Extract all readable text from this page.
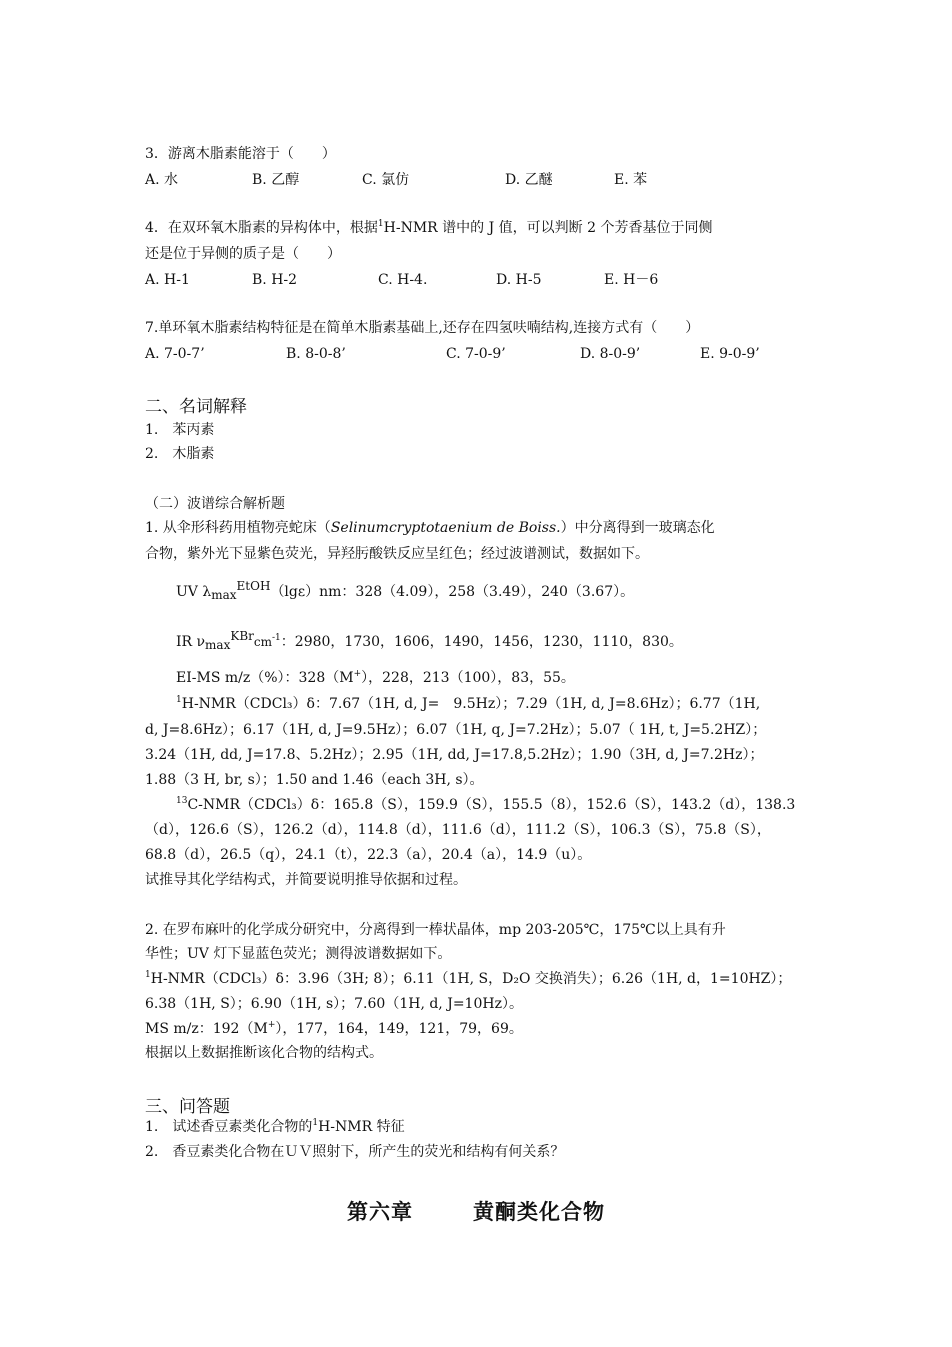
3．游离木脂素能溶于（　　）
A. 水	B. 乙醇	C. 氯仿	D. 乙醚	E. 苯
4．在双环氧木脂素的异构体中，根据$^1$H-NMR 谱中的 J 值，可以判断 2 个芳香基位于同侧
还是位于异侧的质子是（　　）
A. H-1	B. H-2	C. H-4.	D. H-5	E. H－6
7.单环氧木脂素结构特征是在简单木脂素基础上,还存在四氢呋喃结构,连接方式有（　　）
A. 7-0-7’	B. 8-0-8’	C. 7-0-9’	D. 8-0-9’	E. 9-0-9’
二、名词解释
1.　苯丙素
2.　木脂素
（二）波谱综合解析题
1. 从伞形科药用植物亮蛇床（Selinumcryptotaenium de Boiss.）中分离得到一玻璃态化
合物，紫外光下显紫色荧光，异羟肟酸铁反应呈红色；经过波谱测试，数据如下。
UV $\lambda_{max}^{EtOH}(\lg\varepsilon)nm$：328（4.09），258（3.49），240（3.67）。
IR $\nu_{max}^{KBr}cm^{-1}$：2980，1730，1606，1490，1456，1230，1110，830。
EI-MS m/z（%）：328（M+），228，213（100），83，55。
$^1$H-NMR（CDCl₃）δ：7.67（1H, d, J=　9.5Hz）；7.29（1H, d, J=8.6Hz）；6.77（1H,
d, J=8.6Hz）；6.17（1H, d, J=9.5Hz）；6.07（1H, q, J=7.2Hz）；5.07（ 1H, t, J=5.2HZ）；
3.24（1H, dd, J=17.8、5.2Hz）；2.95（1H, dd, J=17.8,5.2Hz）；1.90（3H, d, J=7.2Hz）；
1.88（3 H, br, s）；1.50 and 1.46（each 3H, s）。
$^{13}$C-NMR（CDCl₃）δ：165.8（S），159.9（S），155.5（8），152.6（S），143.2（d），138.3
（d），126.6（S），126.2（d），114.8（d），111.6（d），111.2（S），106.3（S），75.8（S），
68.8（d），26.5（q），24.1（t），22.3（a），20.4（a），14.9（u）。
试推导其化学结构式，并简要说明推导依据和过程。
2. 在罗布麻叶的化学成分研究中，分离得到一棒状晶体，mp 203-205℃，175℃以上具有升
华性；UV 灯下显蓝色荧光；测得波谱数据如下。
$^1$H-NMR（CDCl₃）δ：3.96（3H; 8）；6.11（1H, S，D₂O 交换消失）；6.26（1H, d，1=10HZ）；
6.38（1H, S）；6.90（1H, s）；7.60（1H, d, J=10Hz）。
MS m/z：192（M+），177，164，149，121，79，69。
根据以上数据推断该化合物的结构式。
三、问答题
1.　试述香豆素类化合物的$^1$H-NMR 特征
2.　香豆素类化合物在ＵＶ照射下，所产生的荧光和结构有何关系？
第六章	黄酮类化合物
